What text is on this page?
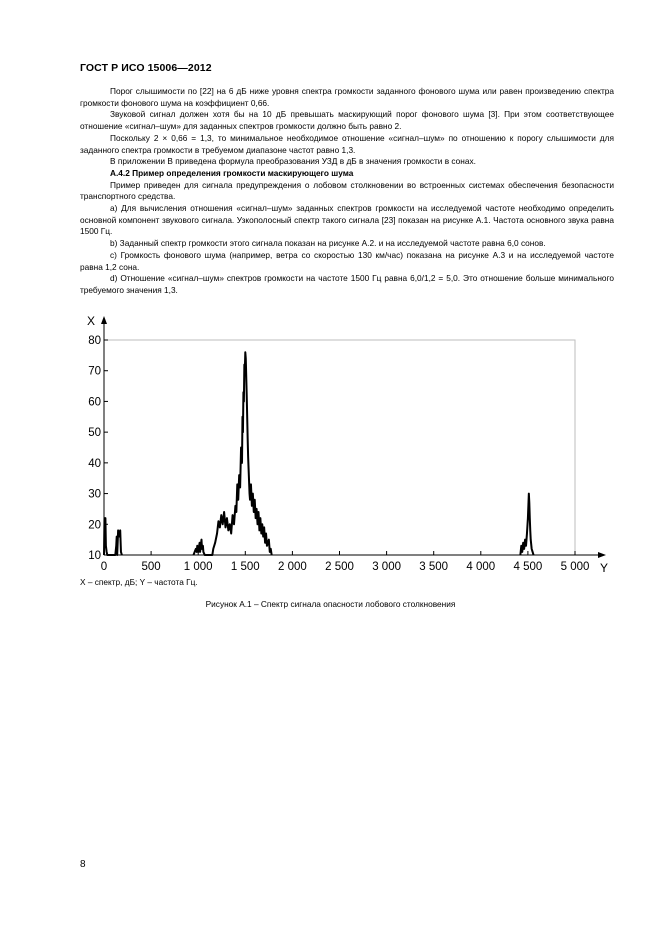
ГОСТ Р ИСО 15006—2012

Порог слышимости по [22] на 6 дБ ниже уровня спектра громкости заданного фонового шума или равен произведению спектра громкости фонового шума на коэффициент 0,66.

Звуковой сигнал должен хотя бы на 10 дБ превышать маскирующий порог фонового шума [3]. При этом соответствующее отношение «сигнал–шум» для заданных спектров громкости должно быть равно 2.

Поскольку 2 × 0,66 = 1,3, то минимальное необходимое отношение «сигнал–шум» по отношению к порогу слышимости для заданного спектра громкости в требуемом диапазоне частот равно 1,3.

В приложении В приведена формула преобразования УЗД в дБ в значения громкости в сонах.

А.4.2 Пример определения громкости маскирующего шума

Пример приведен для сигнала предупреждения о лобовом столкновении во встроенных системах обеспечения безопасности транспортного средства.

a) Для вычисления отношения «сигнал–шум» заданных спектров громкости на исследуемой частоте необходимо определить основной компонент звукового сигнала. Узкополосный спектр такого сигнала [23] показан на рисунке А.1. Частота основного звука равна 1500 Гц.

b) Заданный спектр громкости этого сигнала показан на рисунке А.2. и на исследуемой частоте равна 6,0 сонов.

c) Громкость фонового шума (например, ветра со скоростью 130 км/час) показана на рисунке А.3 и на исследуемой частоте равна 1,2 сона.

d) Отношение «сигнал–шум» спектров громкости на частоте 1500 Гц равна 6,0/1,2 = 5,0. Это отношение больше минимального требуемого значения 1,3.

X
Y
10
20
30
40
50
60
70
80
0	500 1 000 1 500 2 000 2 500 3 000 3 500 4 000 4 500 5 000
X – спектр, дБ; Y – частота Гц.
Рисунок А.1 – Спектр сигнала опасности лобового столкновения
8
